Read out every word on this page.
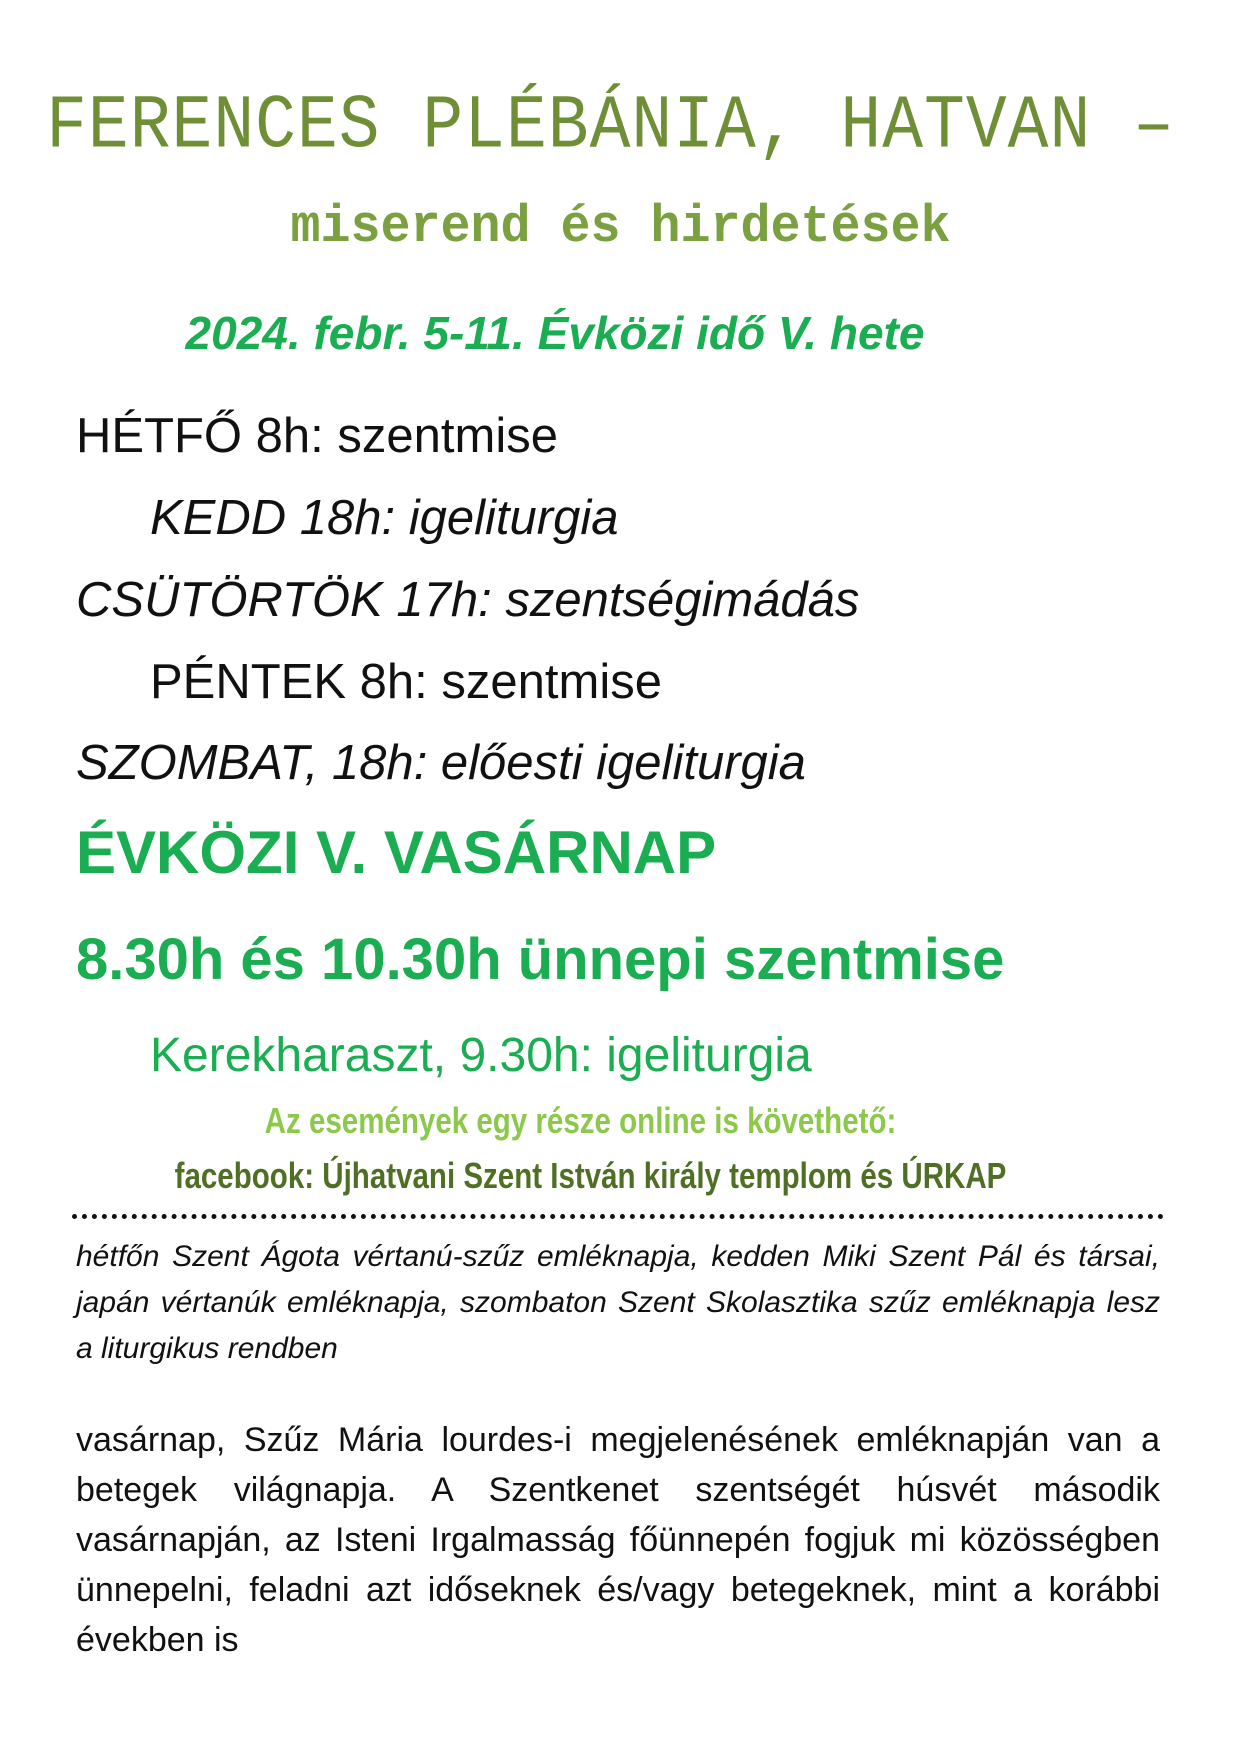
FERENCES PLÉBÁNIA, HATVAN –
miserend és hirdetések
2024. febr. 5-11. Évközi idő V. hete
HÉTFŐ 8h: szentmise
KEDD 18h: igeliturgia
CSÜTÖRTÖK 17h: szentségimádás
PÉNTEK 8h: szentmise
SZOMBAT, 18h: előesti igeliturgia
ÉVKÖZI V. VASÁRNAP
8.30h és 10.30h ünnepi szentmise
Kerekharaszt, 9.30h: igeliturgia
Az események egy része online is követhető:
facebook: Újhatvani Szent István király templom és ÚRKAP
hétfőn Szent Ágota vértanú-szűz emléknapja, kedden Miki Szent Pál és társai, japán vértanúk emléknapja, szombaton Szent Skolasztika szűz emléknapja lesz a liturgikus rendben
vasárnap, Szűz Mária lourdes-i megjelenésének emléknapján van a betegek világnapja. A Szentkenet szentségét húsvét második vasárnapján, az Isteni Irgalmasság főünnepén fogjuk mi közösségben ünnepelni, feladni azt időseknek és/vagy betegeknek, mint a korábbi években is
